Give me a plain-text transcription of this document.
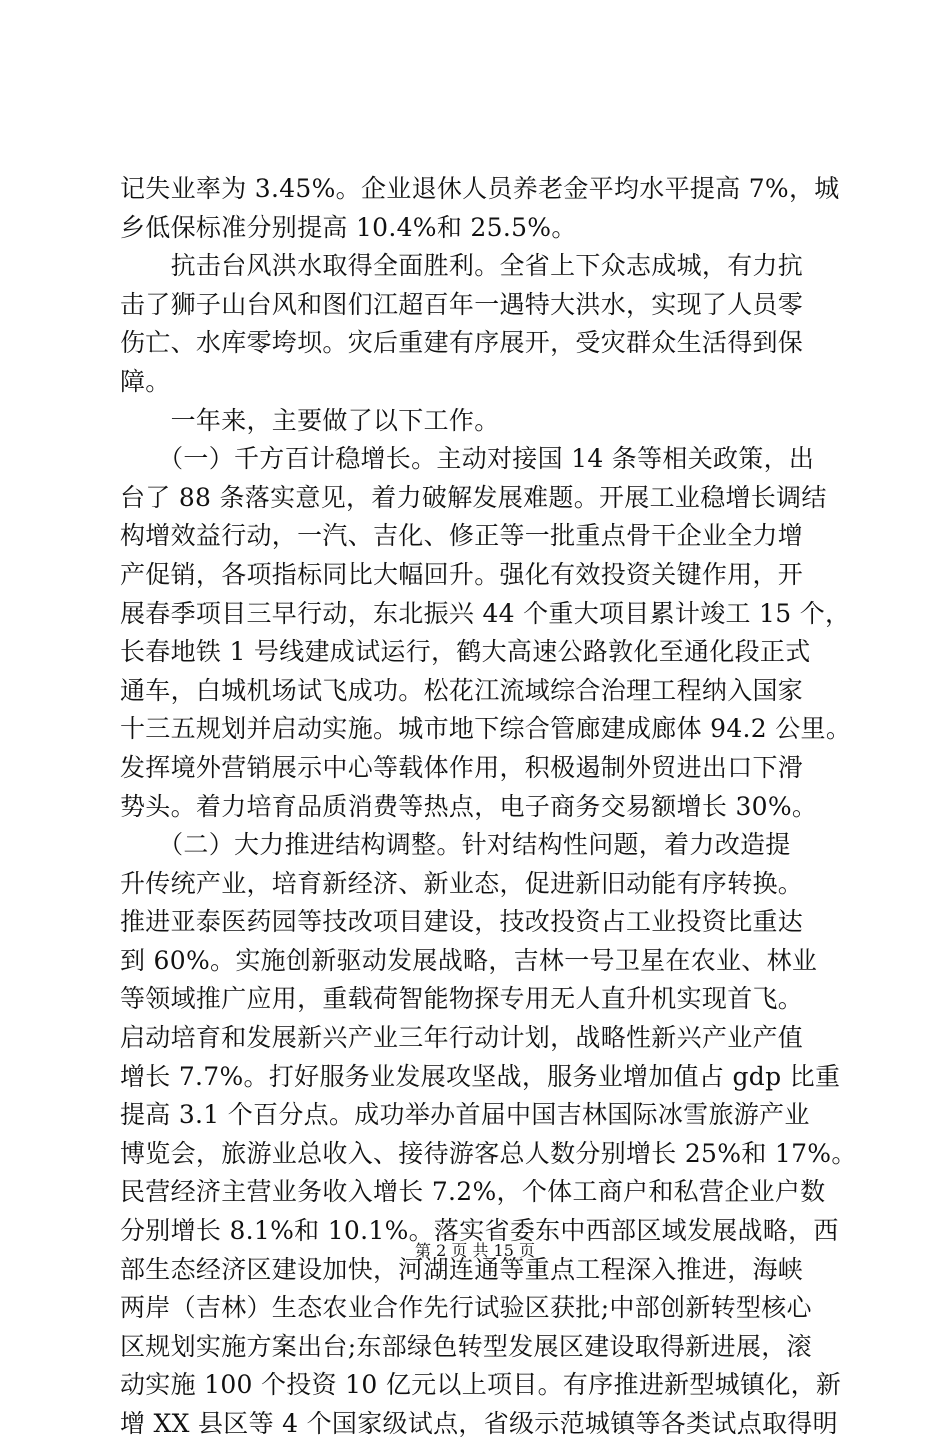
记失业率为 3.45%。企业退休人员养老金平均水平提高 7%，城
乡低保标准分别提高 10.4%和 25.5%。
　　抗击台风洪水取得全面胜利。全省上下众志成城，有力抗
击了狮子山台风和图们江超百年一遇特大洪水，实现了人员零
伤亡、水库零垮坝。灾后重建有序展开，受灾群众生活得到保
障。
　　一年来，主要做了以下工作。
　　（一）千方百计稳增长。主动对接国 14 条等相关政策，出
台了 88 条落实意见，着力破解发展难题。开展工业稳增长调结
构增效益行动，一汽、吉化、修正等一批重点骨干企业全力增
产促销，各项指标同比大幅回升。强化有效投资关键作用，开
展春季项目三早行动，东北振兴 44 个重大项目累计竣工 15 个，
长春地铁 1 号线建成试运行，鹤大高速公路敦化至通化段正式
通车，白城机场试飞成功。松花江流域综合治理工程纳入国家
十三五规划并启动实施。城市地下综合管廊建成廊体 94.2 公里。
发挥境外营销展示中心等载体作用，积极遏制外贸进出口下滑
势头。着力培育品质消费等热点，电子商务交易额增长 30%。
　　（二）大力推进结构调整。针对结构性问题，着力改造提
升传统产业，培育新经济、新业态，促进新旧动能有序转换。
推进亚泰医药园等技改项目建设，技改投资占工业投资比重达
到 60%。实施创新驱动发展战略，吉林一号卫星在农业、林业
等领域推广应用，重载荷智能物探专用无人直升机实现首飞。
启动培育和发展新兴产业三年行动计划，战略性新兴产业产值
增长 7.7%。打好服务业发展攻坚战，服务业增加值占 gdp 比重
提高 3.1 个百分点。成功举办首届中国吉林国际冰雪旅游产业
博览会，旅游业总收入、接待游客总人数分别增长 25%和 17%。
民营经济主营业务收入增长 7.2%，个体工商户和私营企业户数
分别增长 8.1%和 10.1%。落实省委东中西部区域发展战略，西
部生态经济区建设加快，河湖连通等重点工程深入推进，海峡
两岸（吉林）生态农业合作先行试验区获批;中部创新转型核心
区规划实施方案出台;东部绿色转型发展区建设取得新进展，滚
动实施 100 个投资 10 亿元以上项目。有序推进新型城镇化，新
增 XX 县区等 4 个国家级试点，省级示范城镇等各类试点取得明
第 2 页 共 15 页
